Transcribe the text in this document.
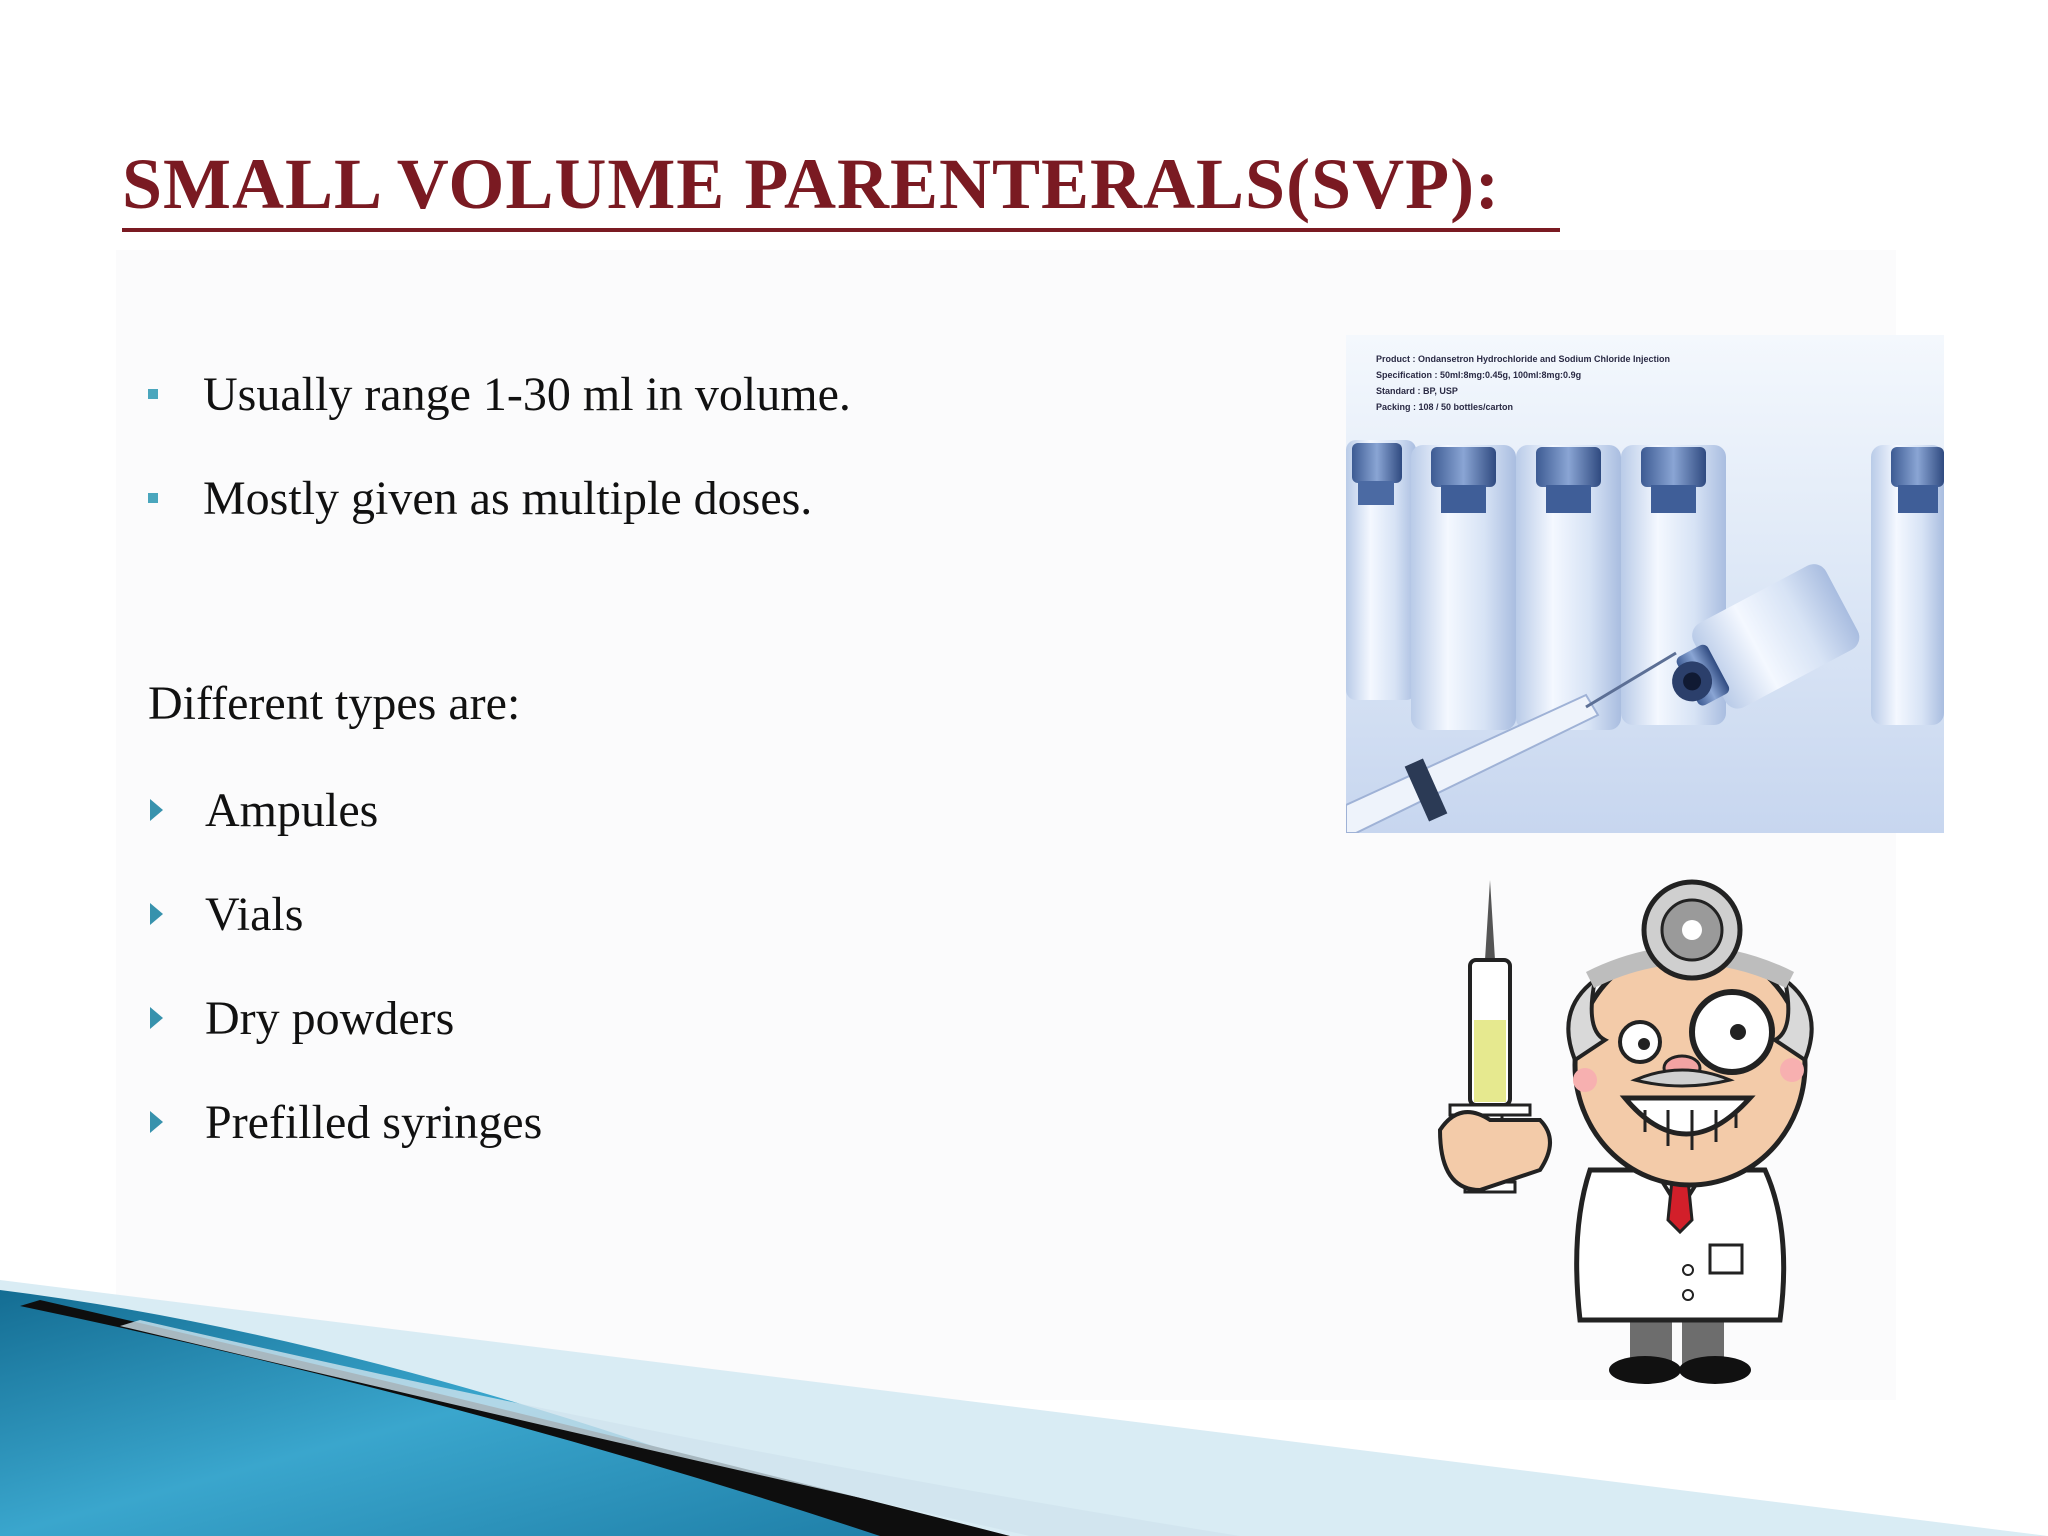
SMALL VOLUME PARENTERALS(SVP):
Usually range 1-30 ml in volume.
Mostly given as multiple doses.
Different types are:
Ampules
Vials
Dry powders
Prefilled syringes
Product : Ondansetron Hydrochloride and Sodium Chloride Injection
Specification : 50ml:8mg:0.45g, 100ml:8mg:0.9g
Standard : BP, USP
Packing : 108 / 50 bottles/carton
